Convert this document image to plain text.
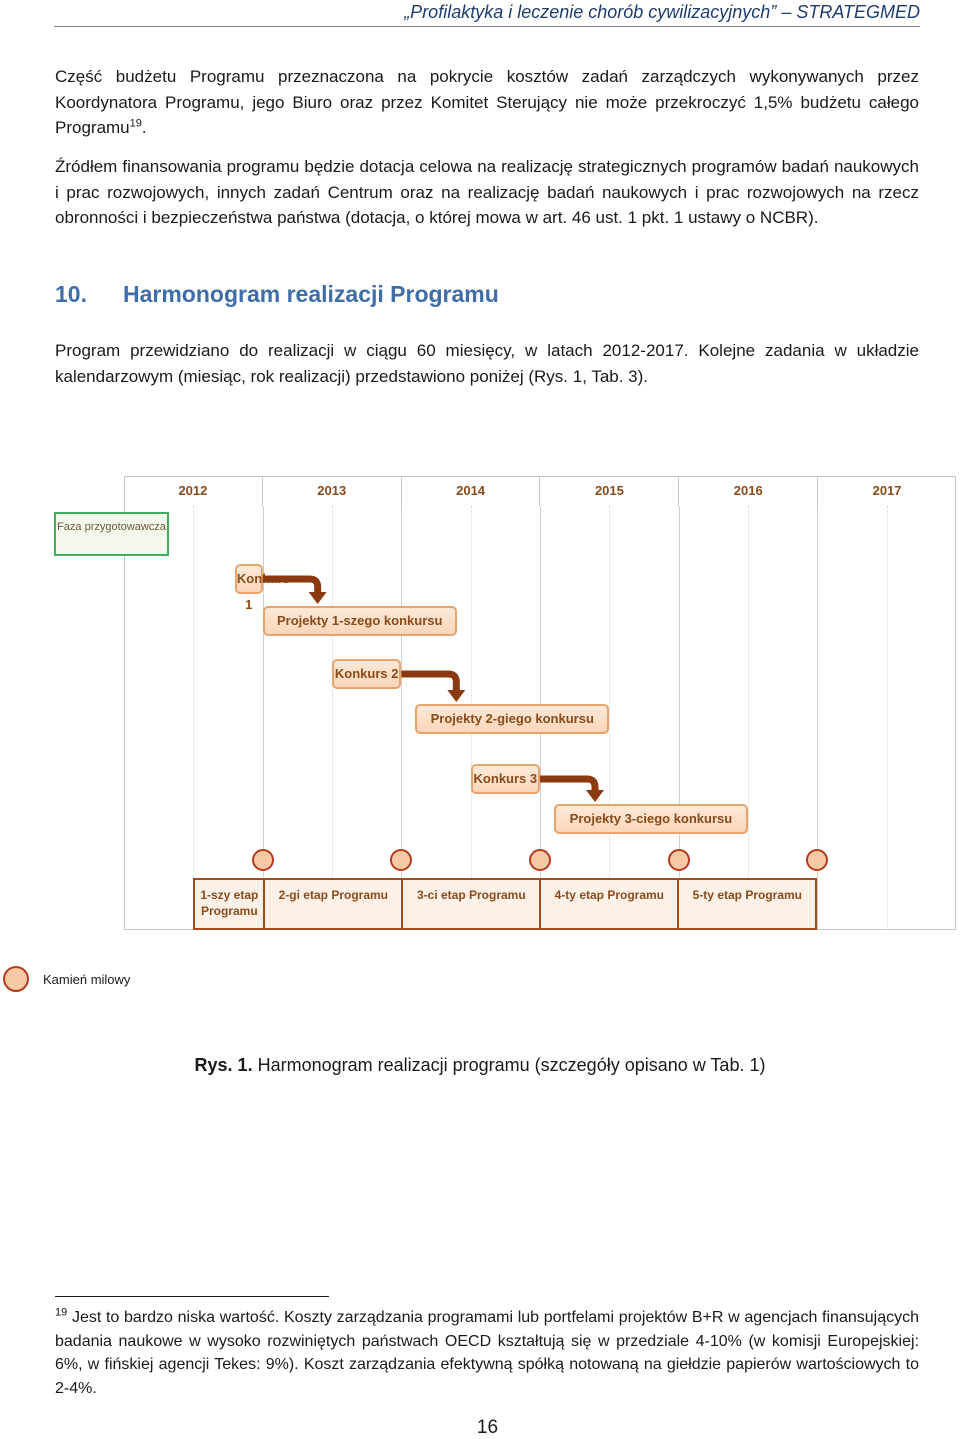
„Profilaktyka i leczenie chorób cywilizacyjnych” – STRATEGMED

Część budżetu Programu przeznaczona na pokrycie kosztów zadań zarządczych wykonywanych przez Koordynatora Programu, jego Biuro oraz przez Komitet Sterujący nie może przekroczyć 1,5% budżetu całego Programu$^{19}$.

Źródłem finansowania programu będzie dotacja celowa na realizację strategicznych programów badań naukowych i prac rozwojowych, innych zadań Centrum oraz na realizację badań naukowych i prac rozwojowych na rzecz obronności i bezpieczeństwa państwa (dotacja, o której mowa w art. 46 ust. 1 pkt. 1 ustawy o NCBR).

10. Harmonogram realizacji Programu

Program przewidziano do realizacji w ciągu 60 miesięcy, w latach 2012-2017. Kolejne zadania w układzie kalendarzowym (miesiąc, rok realizacji) przedstawiono poniżej (Rys. 1, Tab. 3).

2012	2013	2014	2015	2016	2017
Faza przygotowawcza
Konkurs 1
Projekty 1-szego konkursu
Konkurs 2
Projekty 2-giego konkursu
Konkurs 3
Projekty 3-ciego konkursu
1-szy etap Programu
2-gi etap Programu	3-ci etap Programu	4-ty etap Programu	5-ty etap Programu
Kamień milowy
Rys. 1. Harmonogram realizacji programu (szczegóły opisano w Tab. 1)

$^{19}$ Jest to bardzo niska wartość. Koszty zarządzania programami lub portfelami projektów B+R w agencjach finansujących badania naukowe w wysoko rozwiniętych państwach OECD kształtują się w przedziale 4-10% (w komisji Europejskiej: 6%, w fińskiej agencji Tekes: 9%). Koszt zarządzania efektywną spółką notowaną na giełdzie papierów wartościowych to 2-4%.

16
